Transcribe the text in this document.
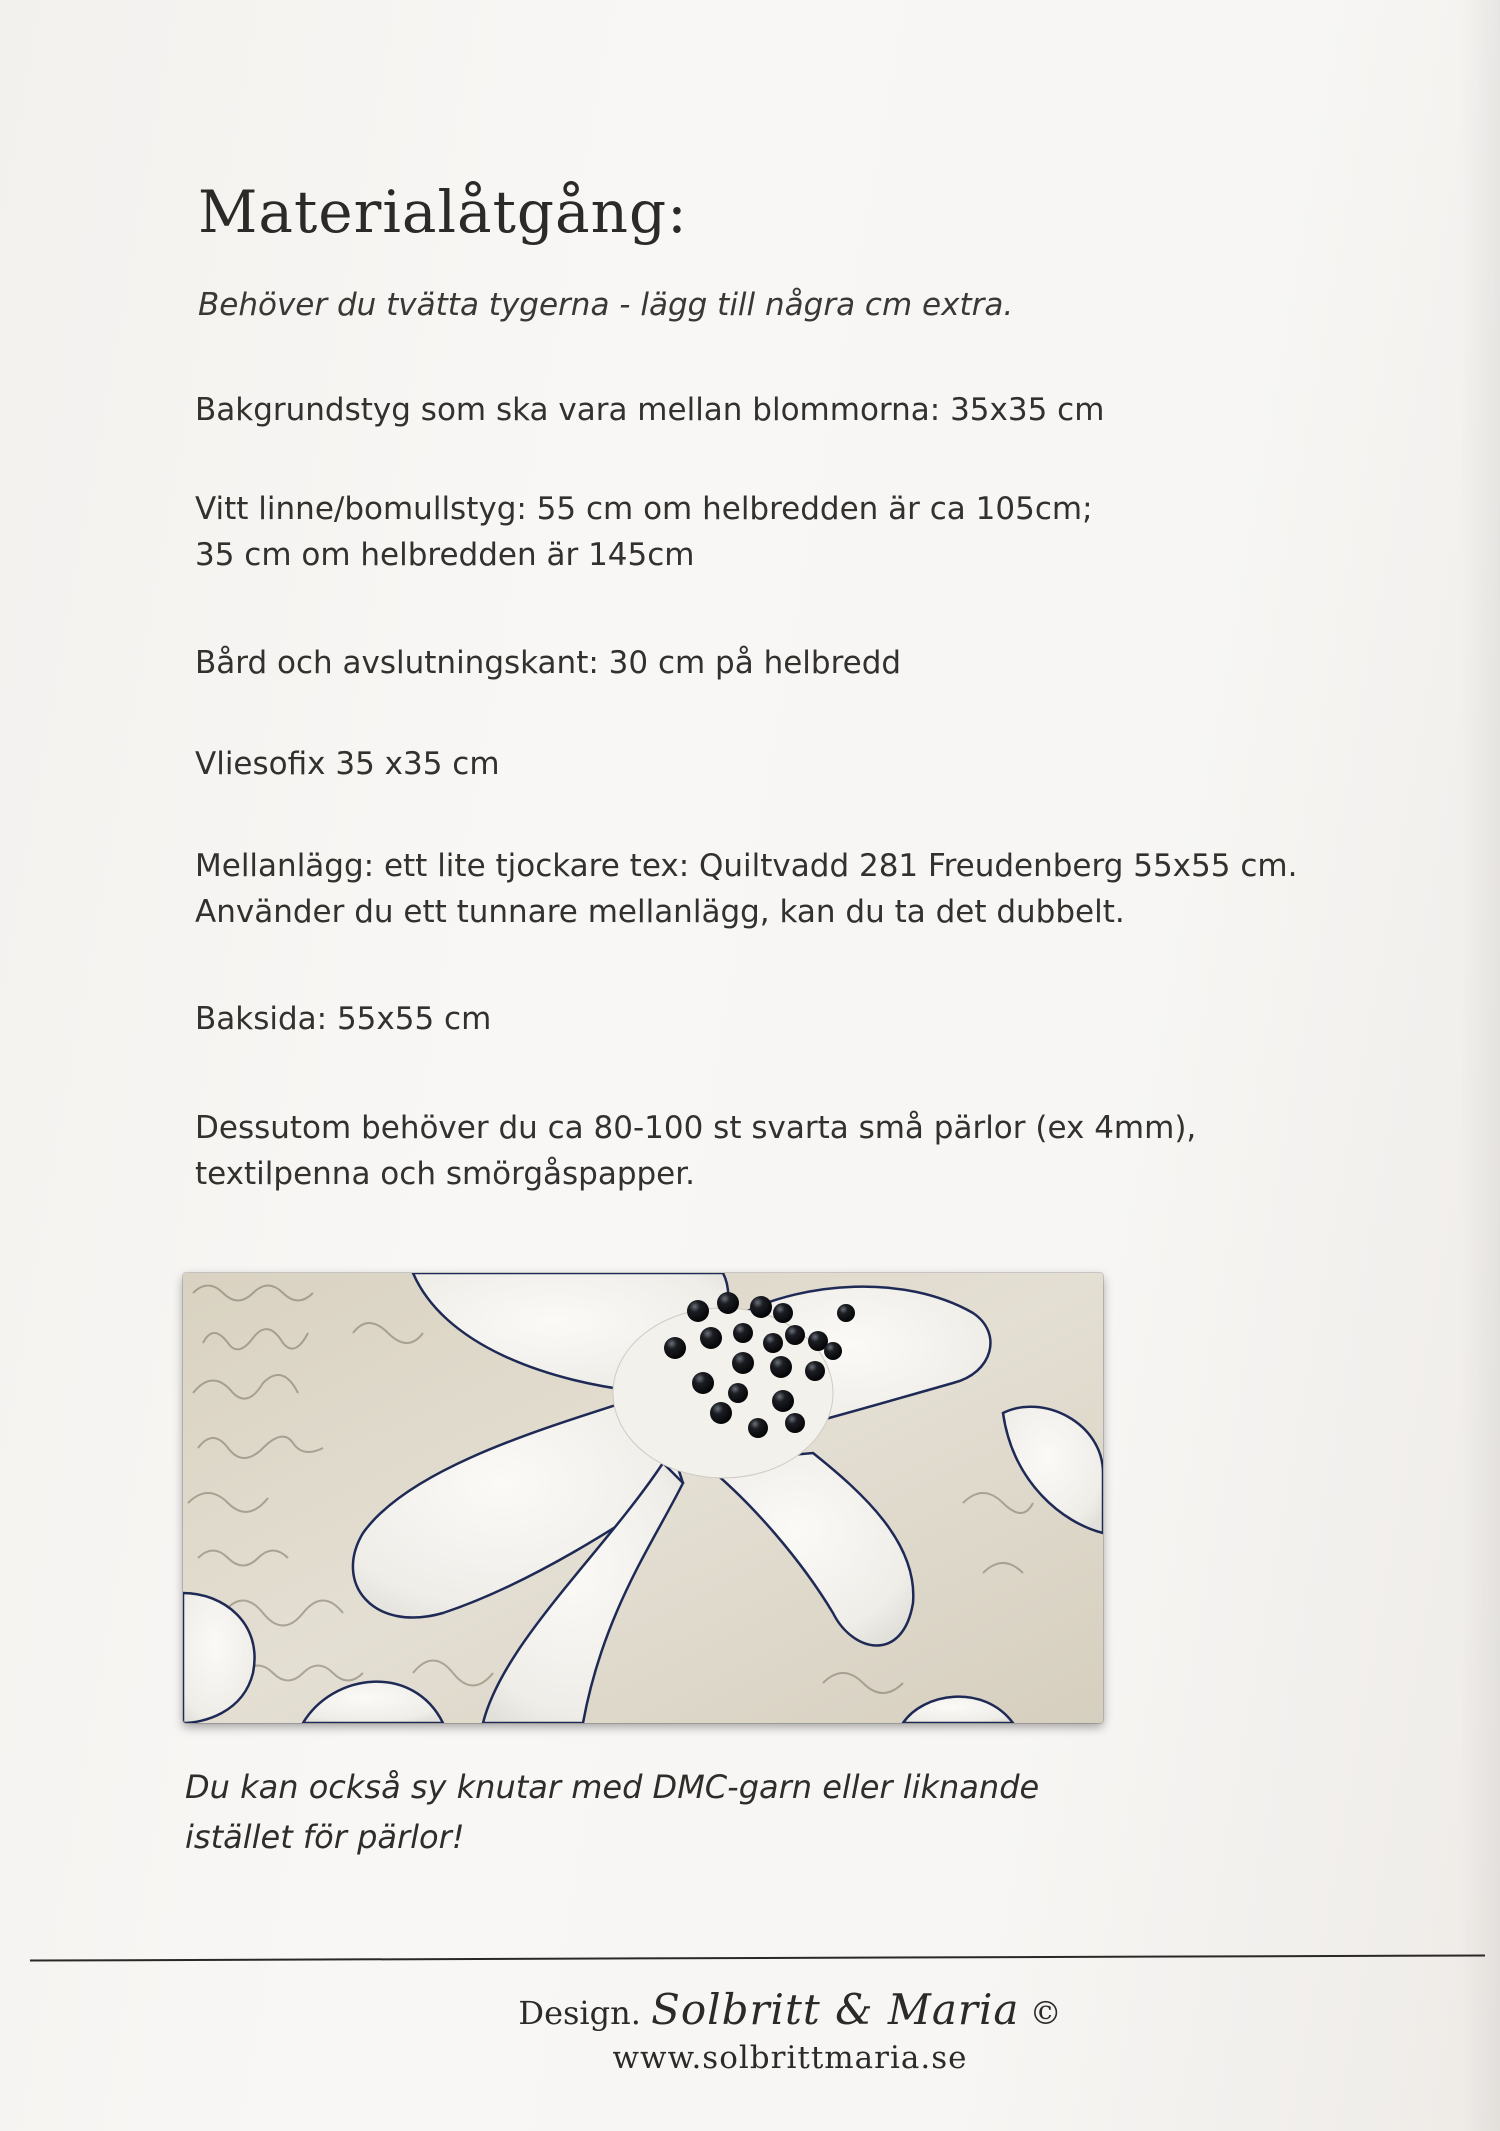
Materialåtgång:

Behöver du tvätta tygerna - lägg till några cm extra.

Bakgrundstyg som ska vara mellan blommorna: 35x35 cm

Vitt linne/bomullstyg: 55 cm om helbredden är ca 105cm;
35 cm om helbredden är 145cm

Bård och avslutningskant: 30 cm på helbredd

Vliesofix 35 x35 cm

Mellanlägg: ett lite tjockare tex: Quiltvadd 281 Freudenberg 55x55 cm.
Använder du ett tunnare mellanlägg, kan du ta det dubbelt.

Baksida: 55x55 cm

Dessutom behöver du ca 80-100 st svarta små pärlor (ex 4mm),
textilpenna och smörgåspapper.

Du kan också sy knutar med DMC-garn eller liknande
istället för pärlor!

Design. Solbritt & Maria ©
www.solbrittmaria.se
